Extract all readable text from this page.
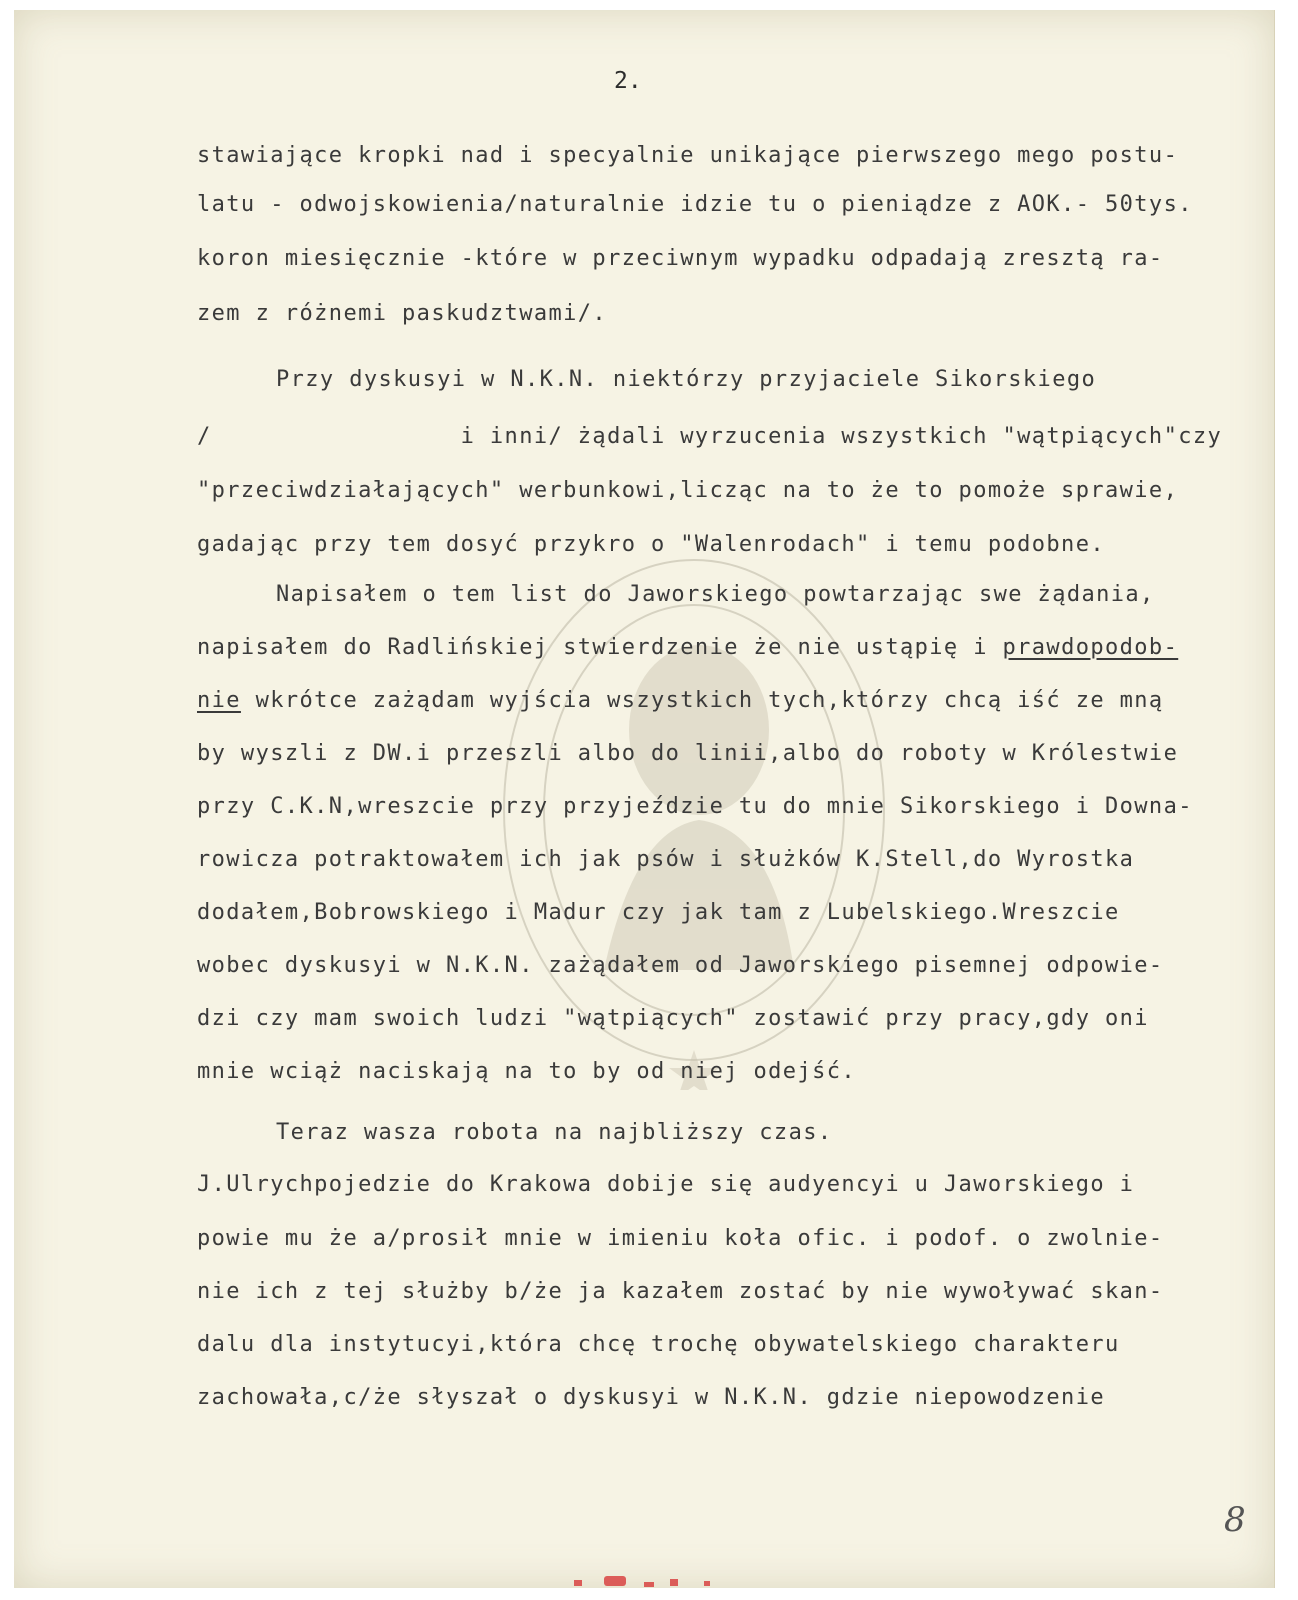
2.
stawiające kropki nad i specyalnie unikające pierwszego mego postu-
latu - odwojskowienia/naturalnie idzie tu o pieniądze z AOK.- 50tys.
koron miesięcznie -które w przeciwnym wypadku odpadają zresztą ra-
zem z różnemi paskudztwami/.
Przy dyskusyi w N.K.N. niektórzy przyjaciele Sikorskiego
/                 i inni/ żądali wyrzucenia wszystkich "wątpiących"czy
"przeciwdziałających" werbunkowi,licząc na to że to pomoże sprawie,
gadając przy tem dosyć przykro o "Walenrodach" i temu podobne.
Napisałem o tem list do Jaworskiego powtarzając swe żądania,
napisałem do Radlińskiej stwierdzenie że nie ustąpię i prawdopodob-
nie wkrótce zażądam wyjścia wszystkich tych,którzy chcą iść ze mną
by wyszli z DW.i przeszli albo do linii,albo do roboty w Królestwie
przy C.K.N,wreszcie przy przyjeździe tu do mnie Sikorskiego i Downa-
rowicza potraktowałem ich jak psów i służków K.Stell,do Wyrostka
dodałem,Bobrowskiego i Madur czy jak tam z Lubelskiego.Wreszcie
wobec dyskusyi w N.K.N. zażądałem od Jaworskiego pisemnej odpowie-
dzi czy mam swoich ludzi "wątpiących" zostawić przy pracy,gdy oni
mnie wciąż naciskają na to by od niej odejść.
Teraz wasza robota na najbliższy czas.
J.Ulrychpojedzie do Krakowa dobije się audyencyi u Jaworskiego i
powie mu że a/prosił mnie w imieniu koła ofic. i podof. o zwolnie-
nie ich z tej służby b/że ja kazałem zostać by nie wywoływać skan-
dalu dla instytucyi,która chcę trochę obywatelskiego charakteru
zachowała,c/że słyszał o dyskusyi w N.K.N. gdzie niepowodzenie
8
